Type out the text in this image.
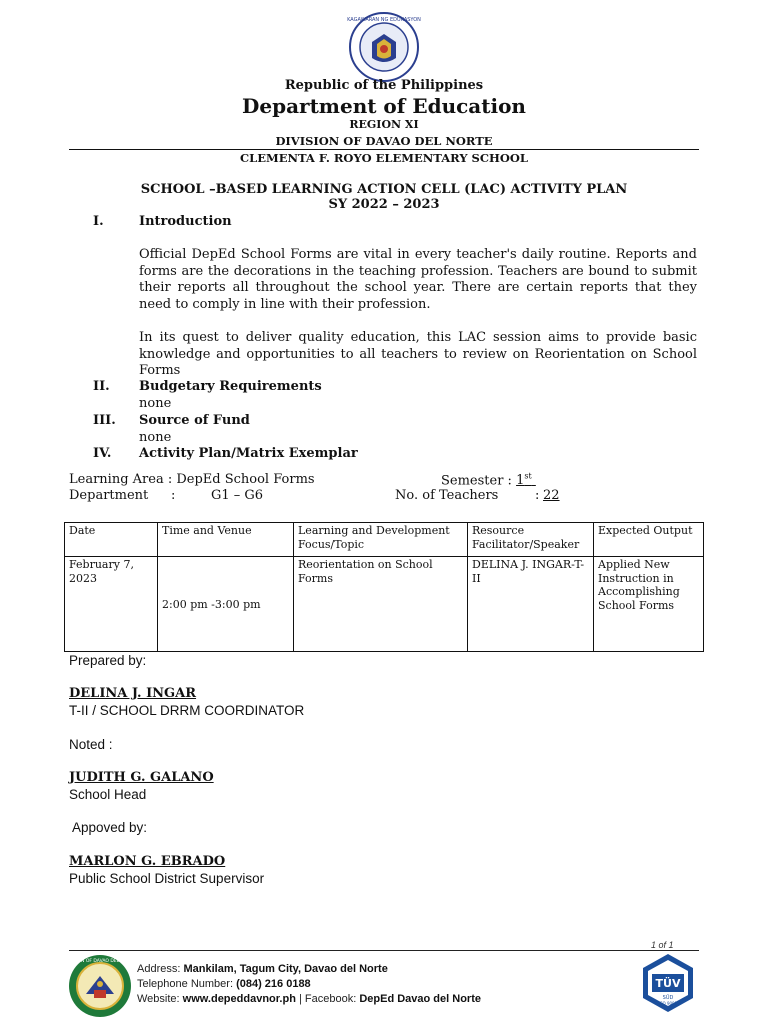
KAGAWARAN NG EDUKASYON
Republic of the Philippines
Department of Education
REGION XI
DIVISION OF DAVAO DEL NORTE
CLEMENTA F. ROYO ELEMENTARY SCHOOL
SCHOOL –BASED LEARNING ACTION CELL (LAC) ACTIVITY PLAN
SY 2022 – 2023
I.	Introduction
Official DepEd School Forms are vital in every teacher's daily routine. Reports and forms are the decorations in the teaching profession. Teachers are bound to submit their reports all throughout the school year. There are certain reports that they need to comply in line with their profession.
In its quest to deliver quality education, this LAC session aims to provide basic knowledge and opportunities to all teachers to review on Reorientation on School Forms
II. Budgetary Requirements
none
III. Source of Fund
none
IV. Activity Plan/Matrix Exemplar
Learning Area : DepEd School Forms	Semester : 1st
Department :	G1 – G6	No. of Teachers	: 22
Date	Time and Venue	Learning and Development Focus/Topic	Resource Facilitator/Speaker	Expected Output
February 7, 2023	2:00 pm -3:00 pm	Reorientation on School Forms	DELINA J. INGAR-T-II	Applied New Instruction in Accomplishing School Forms
Prepared by:
DELINA J. INGAR
T-II / SCHOOL DRRM COORDINATOR
Noted :
JUDITH G. GALANO
School Head
Appoved by:
MARLON G. EBRADO
Public School District Supervisor
1 of 1
DIVISION OF DAVAO DEL NORTE
Address: Mankilam, Tagum City, Davao del Norte
Telephone Number: (084) 216 0188
Website: www.depeddavnor.ph | Facebook: DepEd Davao del Norte
TÜV
SÜD
ISO 9001
